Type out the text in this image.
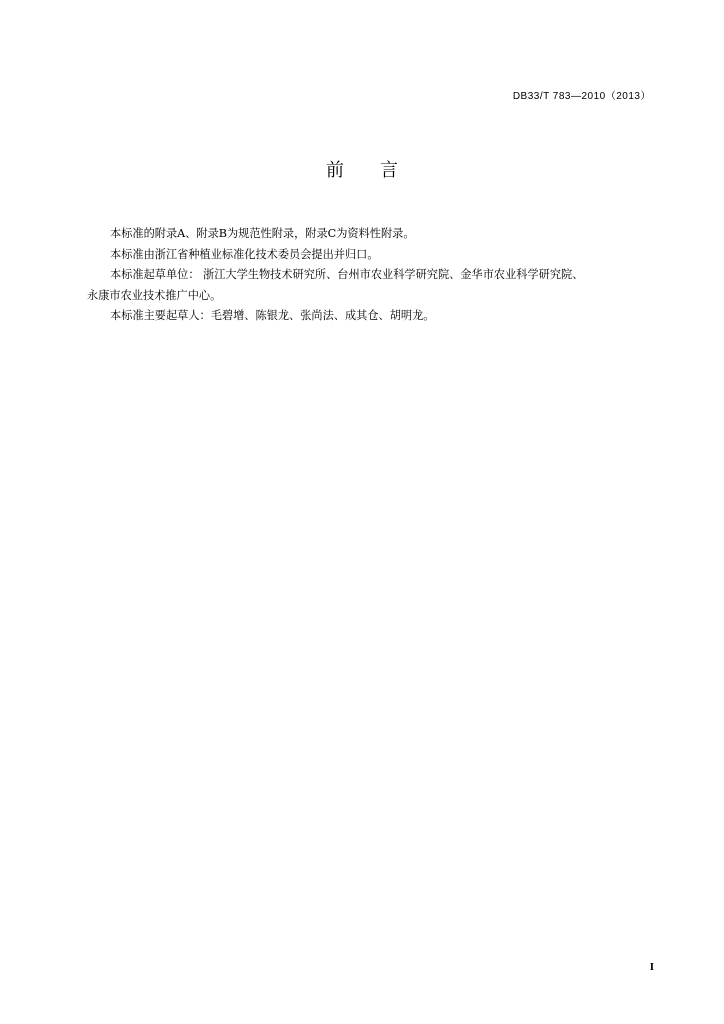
DB33/T 783—2010（2013）
前 言

本标准的附录A、附录B为规范性附录，附录C为资料性附录。

本标准由浙江省种植业标准化技术委员会提出并归口。

本标准起草单位： 浙江大学生物技术研究所、台州市农业科学研究院、金华市农业科学研究院、

永康市农业技术推广中心。

本标准主要起草人：毛碧增、陈银龙、张尚法、成其仓、胡明龙。

I
